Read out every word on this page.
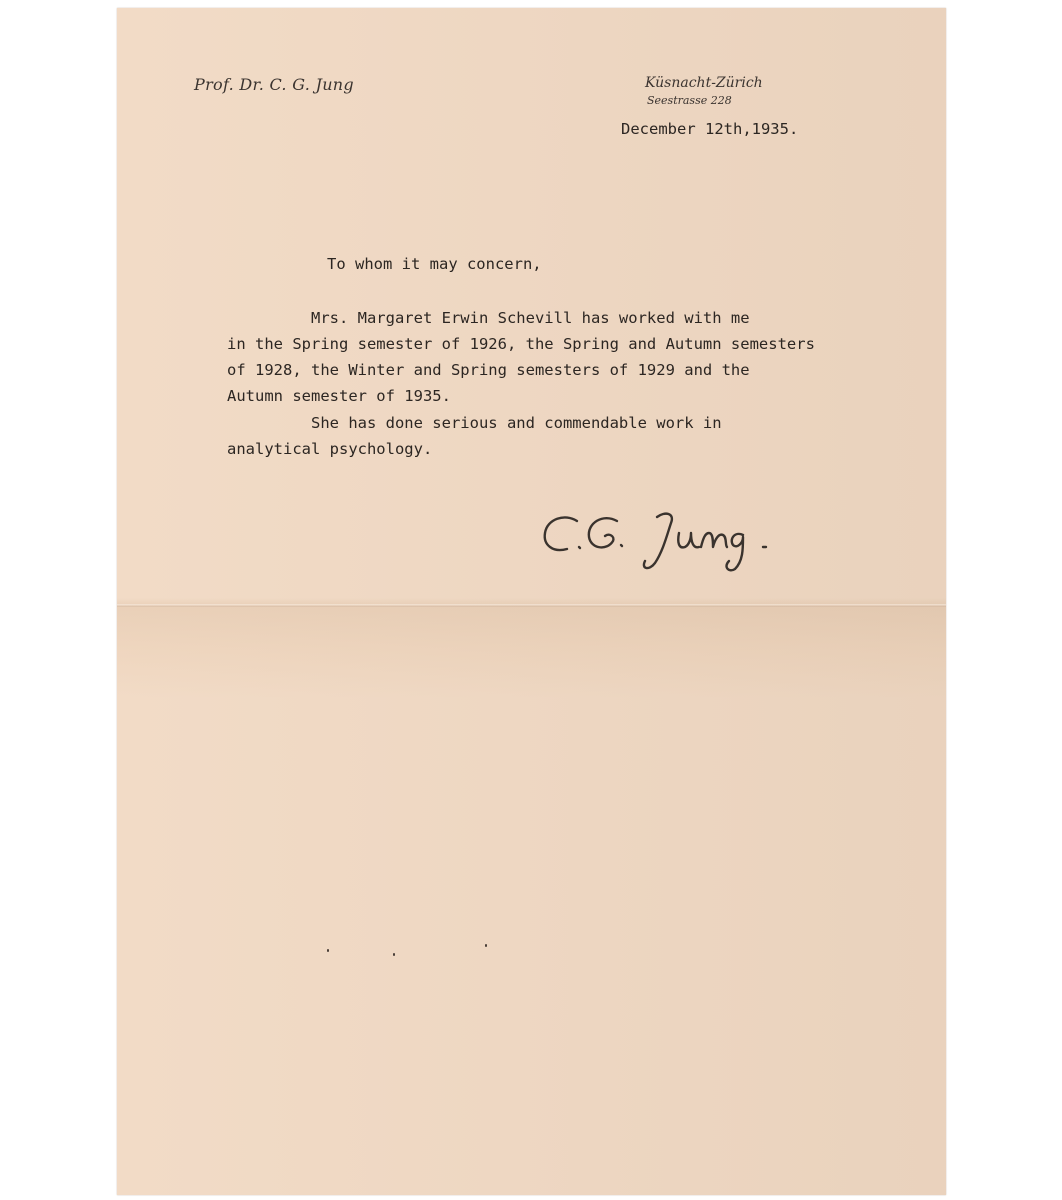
Prof. Dr. C. G. Jung	Küsnacht-Zürich
Seestrasse 228
December 12th,1935.
To whom it may concern,
Mrs. Margaret Erwin Schevill has worked with me
in the Spring semester of 1926, the Spring and Autumn semesters
of 1928, the Winter and Spring semesters of 1929 and the
Autumn semester of 1935.
She has done serious and commendable work in
analytical psychology.
